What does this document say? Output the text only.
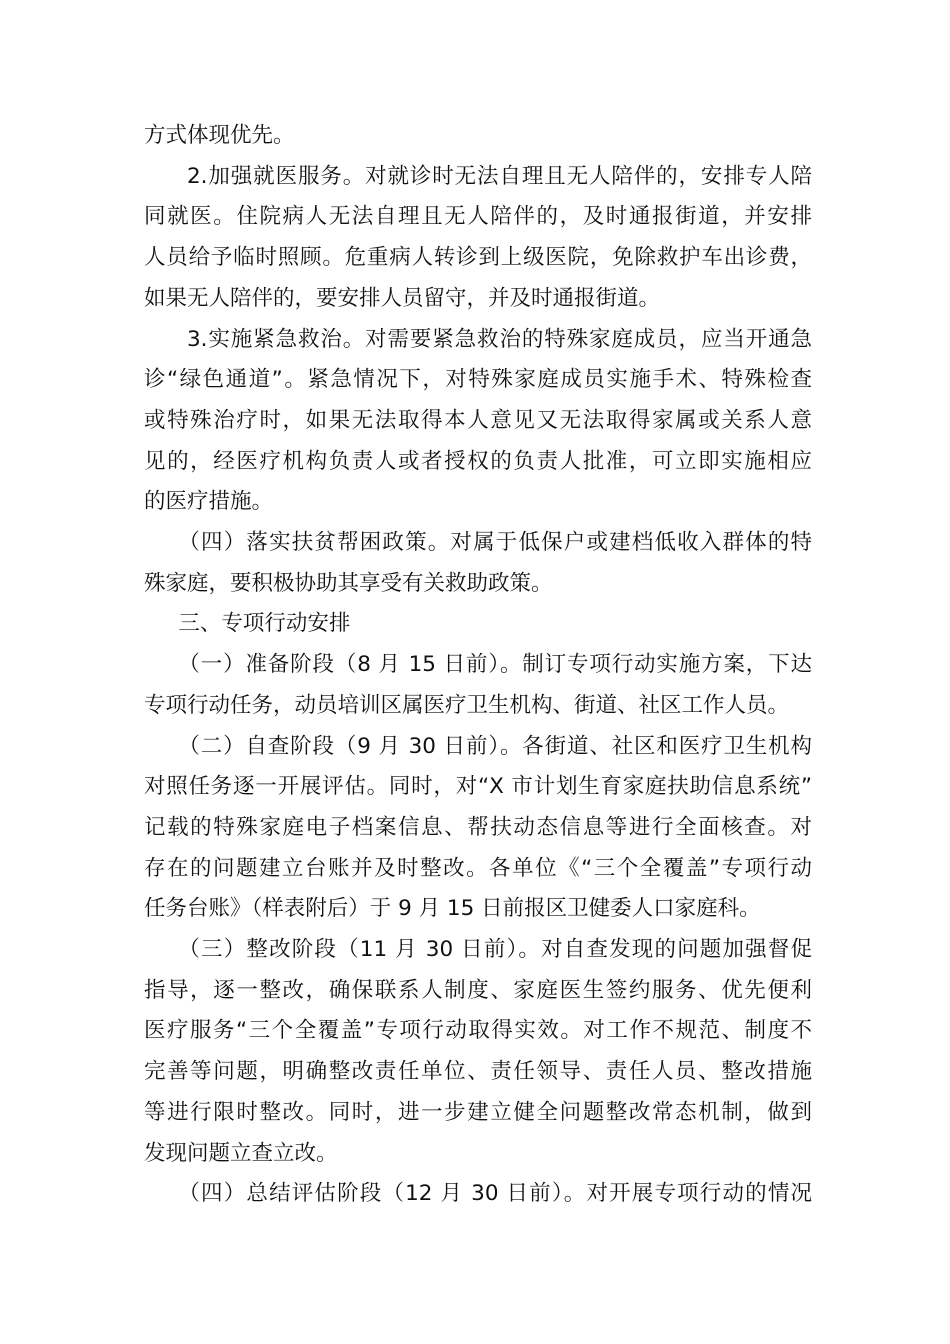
方式体现优先。

2.加强就医服务。对就诊时无法自理且无人陪伴的，安排专人陪
同就医。住院病人无法自理且无人陪伴的，及时通报街道，并安排
人员给予临时照顾。危重病人转诊到上级医院，免除救护车出诊费，
如果无人陪伴的，要安排人员留守，并及时通报街道。

3.实施紧急救治。对需要紧急救治的特殊家庭成员，应当开通急
诊“绿色通道”。紧急情况下，对特殊家庭成员实施手术、特殊检查
或特殊治疗时，如果无法取得本人意见又无法取得家属或关系人意
见的，经医疗机构负责人或者授权的负责人批准，可立即实施相应
的医疗措施。

（四）落实扶贫帮困政策。对属于低保户或建档低收入群体的特
殊家庭，要积极协助其享受有关救助政策。

三、专项行动安排

（一）准备阶段（8 月 15 日前）。制订专项行动实施方案，下达
专项行动任务，动员培训区属医疗卫生机构、街道、社区工作人员。

（二）自查阶段（9 月 30 日前）。各街道、社区和医疗卫生机构
对照任务逐一开展评估。同时，对“X 市计划生育家庭扶助信息系统”
记载的特殊家庭电子档案信息、帮扶动态信息等进行全面核查。对
存在的问题建立台账并及时整改。各单位《“三个全覆盖”专项行动
任务台账》（样表附后）于 9 月 15 日前报区卫健委人口家庭科。

（三）整改阶段（11 月 30 日前）。对自查发现的问题加强督促
指导，逐一整改，确保联系人制度、家庭医生签约服务、优先便利
医疗服务“三个全覆盖”专项行动取得实效。对工作不规范、制度不
完善等问题，明确整改责任单位、责任领导、责任人员、整改措施
等进行限时整改。同时，进一步建立健全问题整改常态机制，做到
发现问题立查立改。

（四）总结评估阶段（12 月 30 日前）。对开展专项行动的情况
